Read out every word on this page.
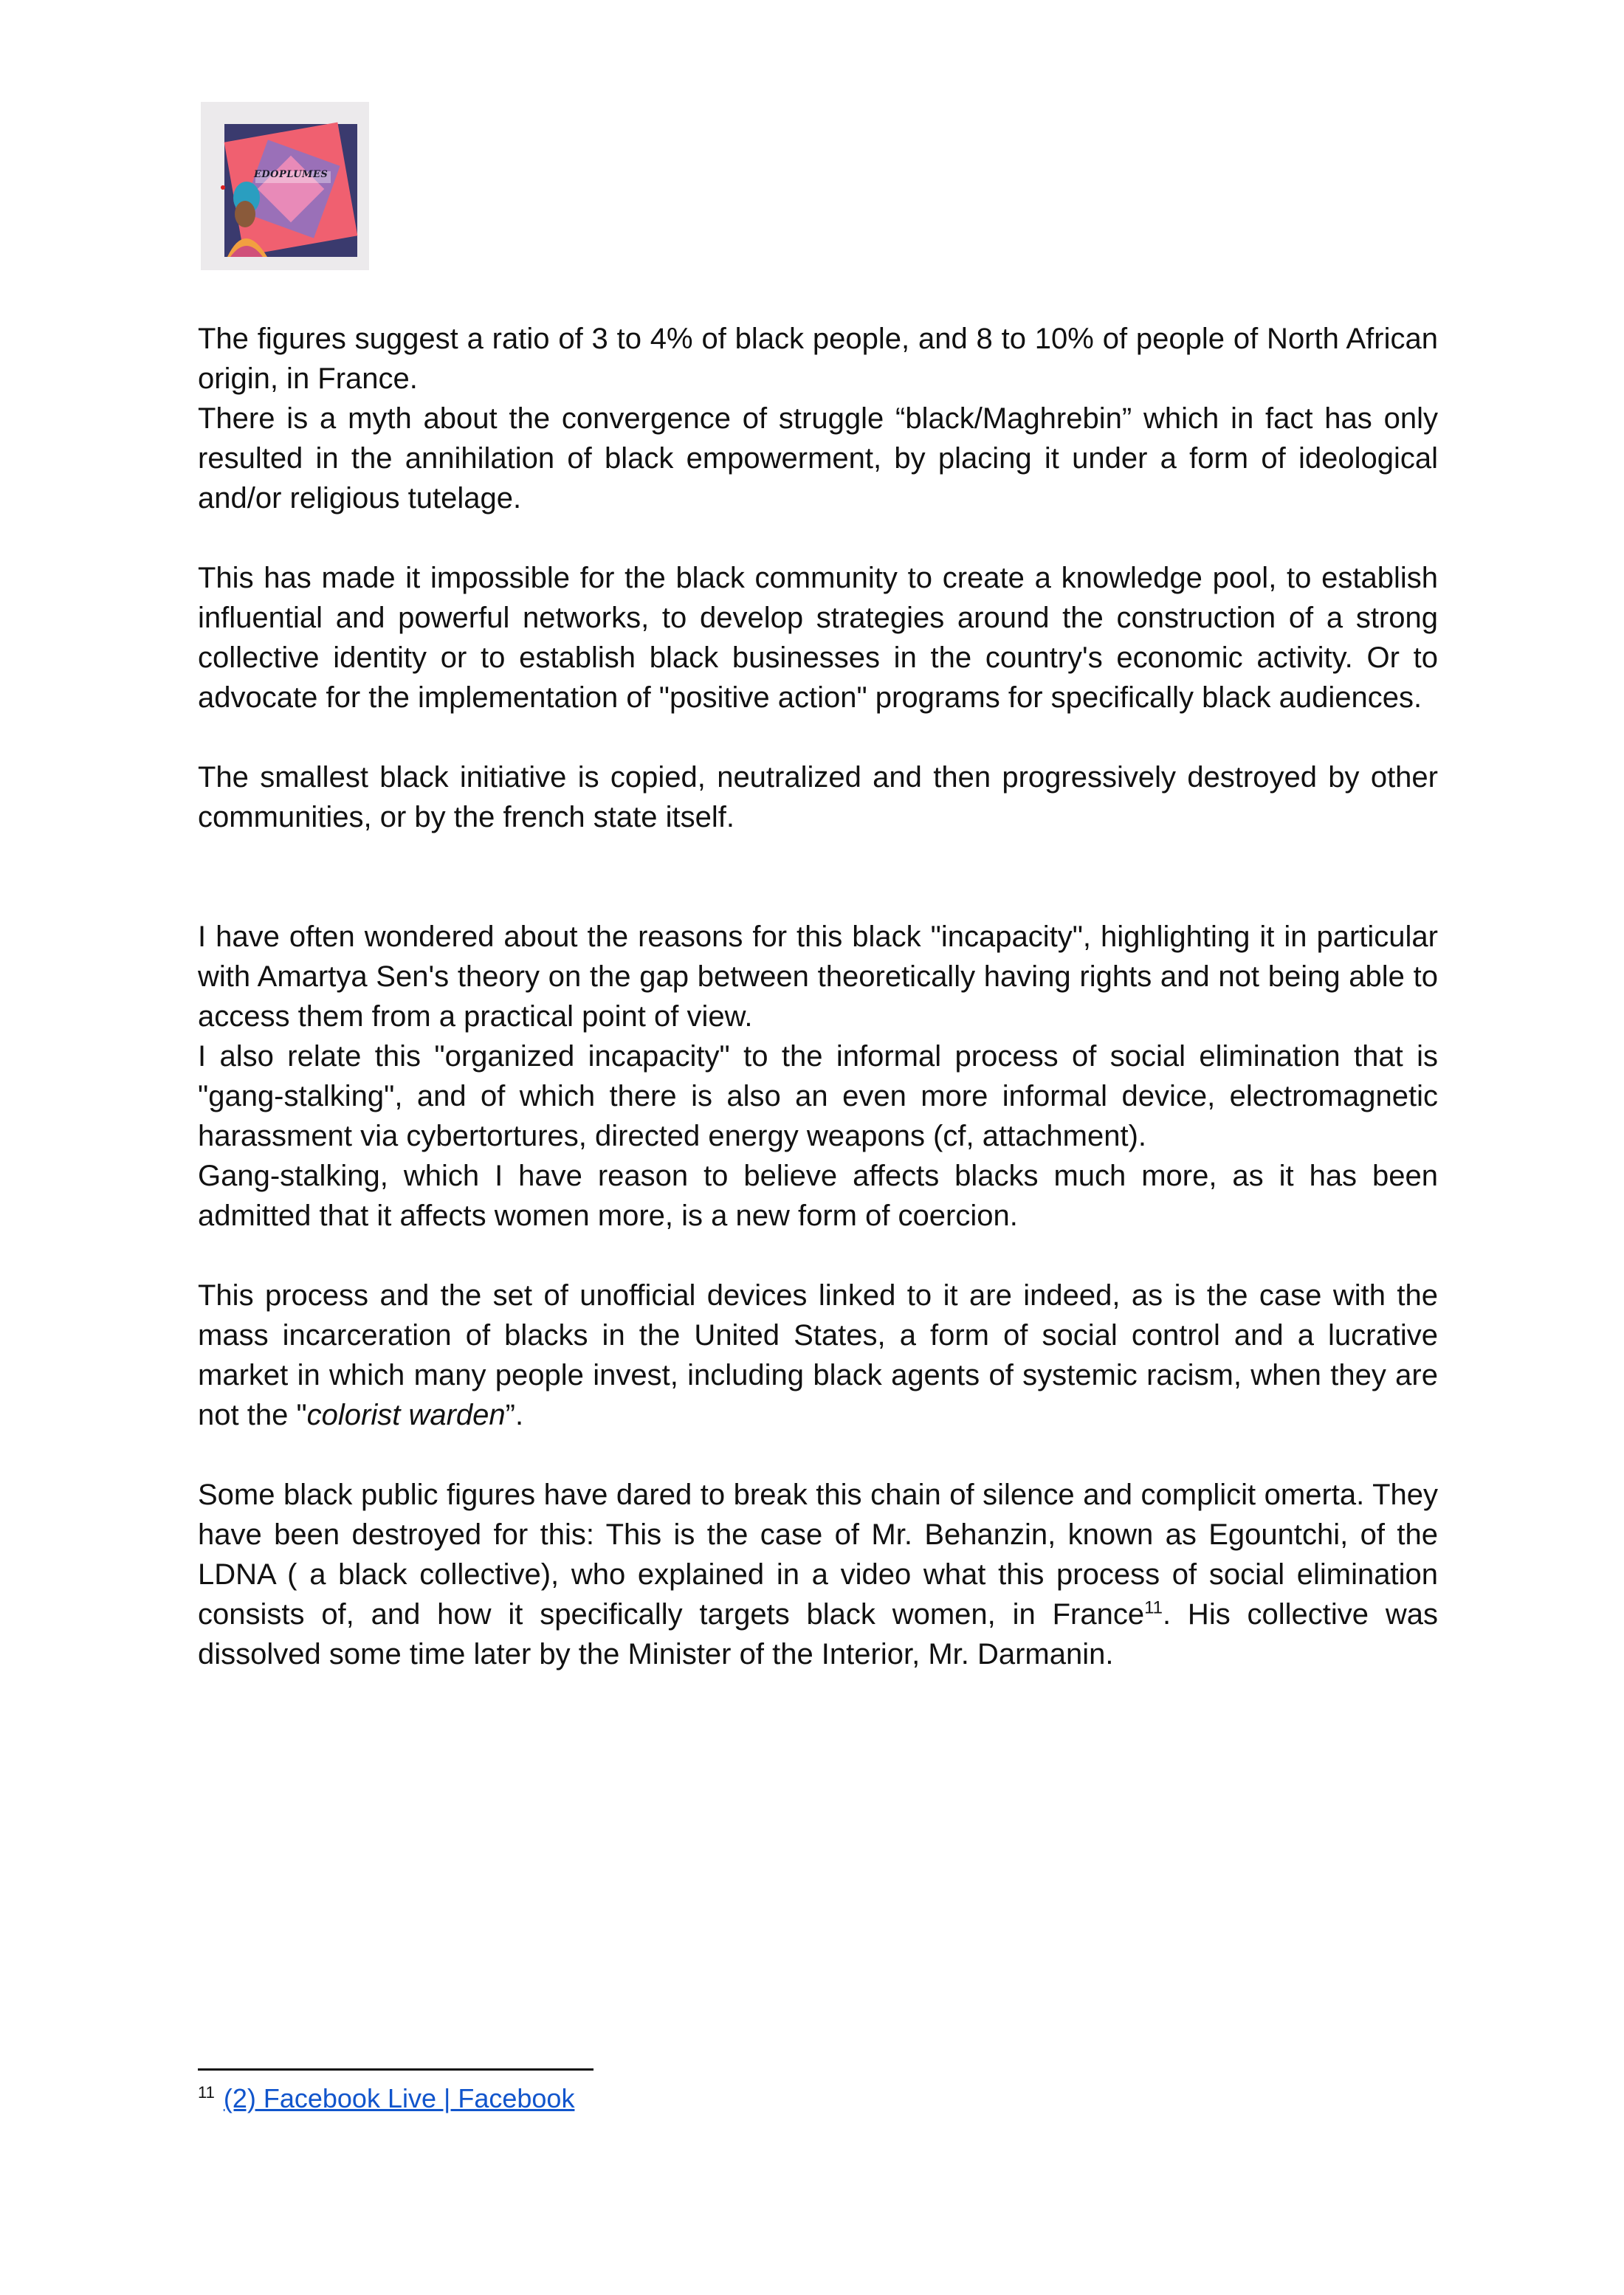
EDOPLUMES

The figures suggest a ratio of 3 to 4% of black people, and 8 to 10% of people of North African origin, in France.

There is a myth about the convergence of struggle “black/Maghrebin” which in fact has only resulted in the annihilation of black empowerment, by placing it under a form of ideological and/or religious tutelage.

This has made it impossible for the black community to create a knowledge pool, to establish influential and powerful networks, to develop strategies around the construction of a strong collective identity or to establish black businesses in the country's economic activity. Or to advocate for the implementation of "positive action" programs for specifically black audiences.

The smallest black initiative is copied, neutralized and then progressively destroyed by other communities, or by the french state itself.

I have often wondered about the reasons for this black "incapacity", highlighting it in particular with Amartya Sen's theory on the gap between theoretically having rights and not being able to access them from a practical point of view.

I also relate this "organized incapacity" to the informal process of social elimination that is "gang-stalking", and of which there is also an even more informal device, electromagnetic harassment via cybertortures, directed energy weapons (cf, attachment).

Gang-stalking, which I have reason to believe affects blacks much more, as it has been admitted that it affects women more, is a new form of coercion.

This process and the set of unofficial devices linked to it are indeed, as is the case with the mass incarceration of blacks in the United States, a form of social control and a lucrative market in which many people invest, including black agents of systemic racism, when they are not the "colorist warden”.

Some black public figures have dared to break this chain of silence and complicit omerta. They have been destroyed for this: This is the case of Mr. Behanzin, known as Egountchi, of the LDNA ( a black collective), who explained in a video what this process of social elimination consists of, and how it specifically targets black women, in France$^{11}$. His collective was dissolved some time later by the Minister of the Interior, Mr. Darmanin.

$^{11}$ (2) Facebook Live | Facebook
